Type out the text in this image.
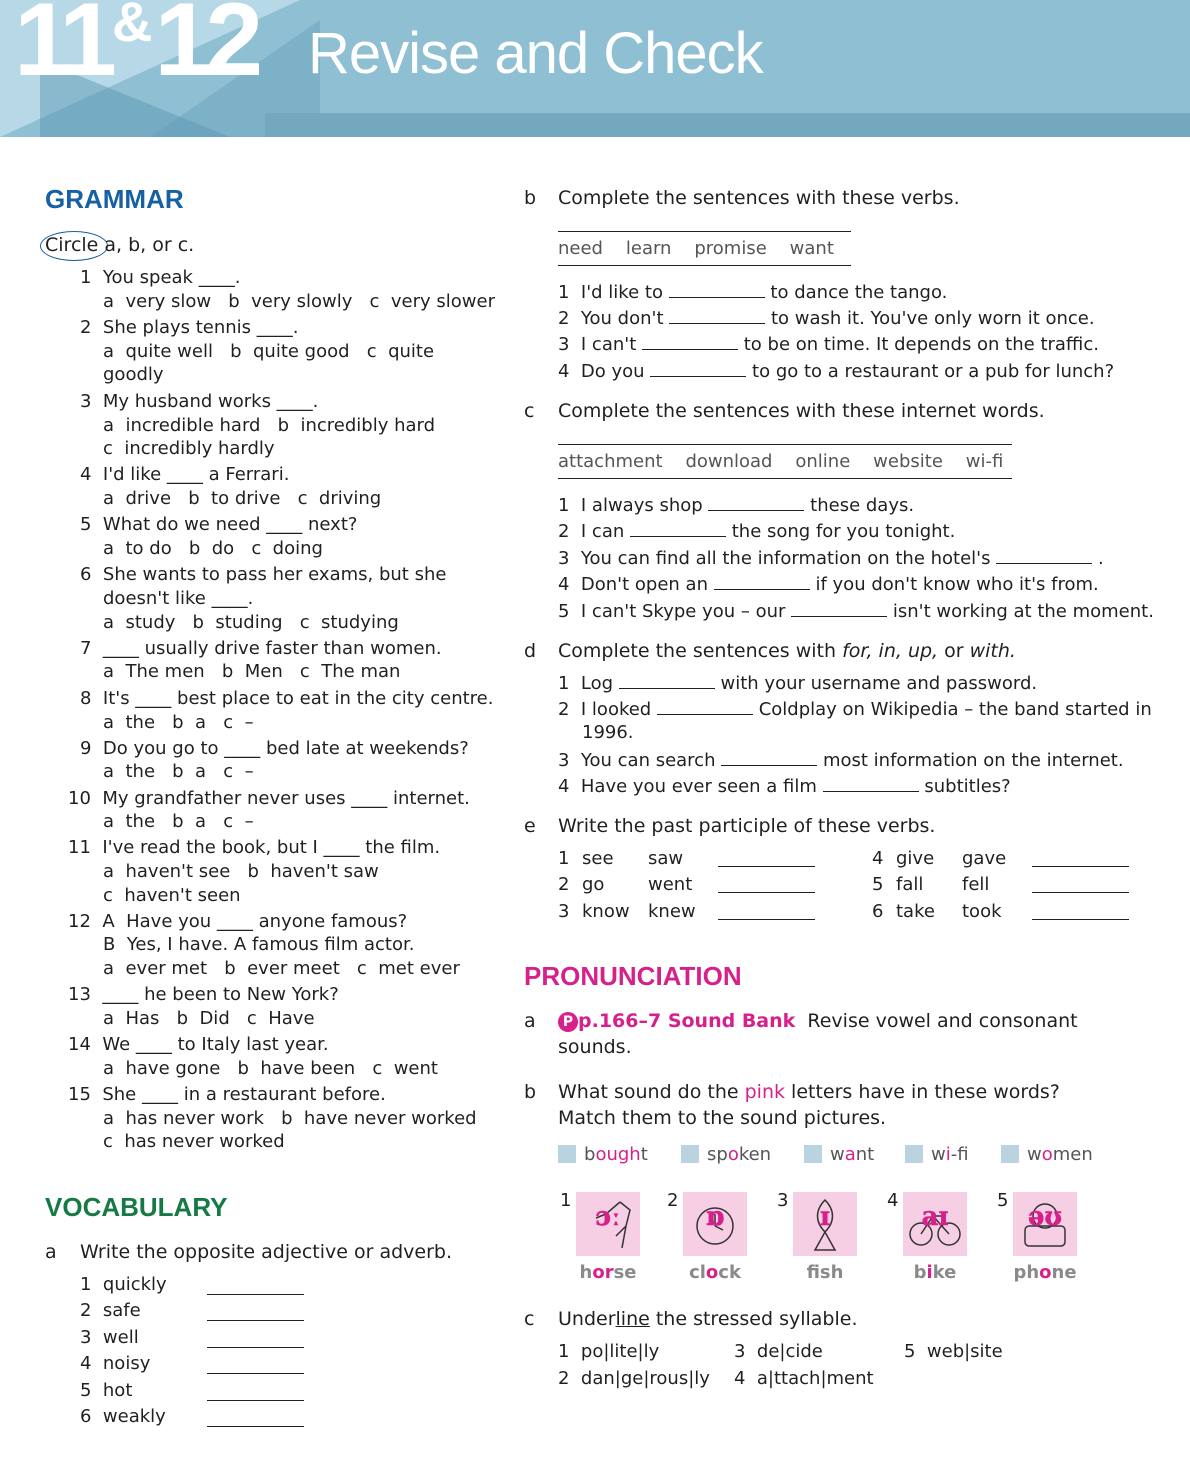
11&12 Revise and Check
GRAMMAR
Circle a, b, or c.
1  You speak ____.
a  very slow   b  very slowly   c  very slower
2  She plays tennis ____.
a  quite well   b  quite good   c  quite
goodly
3  My husband works ____.
a  incredible hard   b  incredibly hard
c  incredibly hardly
4  I'd like ____ a Ferrari.
a  drive   b  to drive   c  driving
5  What do we need ____ next?
a  to do   b  do   c  doing
6  She wants to pass her exams, but she
doesn't like ____.
a  study   b  studing   c  studying
7  ____ usually drive faster than women.
a  The men   b  Men   c  The man
8  It's ____ best place to eat in the city centre.
a  the   b  a   c  –
9  Do you go to ____ bed late at weekends?
a  the   b  a   c  –
10  My grandfather never uses ____ internet.
a  the   b  a   c  –
11  I've read the book, but I ____ the film.
a  haven't see   b  haven't saw
c  haven't seen
12  A  Have you ____ anyone famous?
B  Yes, I have. A famous film actor.
a  ever met   b  ever meet   c  met ever
13  ____ he been to New York?
a  Has   b  Did   c  Have
14  We ____ to Italy last year.
a  have gone   b  have been   c  went
15  She ____ in a restaurant before.
a  has never work   b  have never worked
c  has never worked
VOCABULARY
a Write the opposite adjective or adverb.
1  quickly
2  safe
3  well
4  noisy
5  hot
6  weakly
b Complete the sentences with these verbs.
need    learn    promise    want
1  I'd like to	to dance the tango.
2  You don't	to wash it. You've only worn it once.
3  I can't	to be on time. It depends on the traffic.
4  Do you	to go to a restaurant or a pub for lunch?
c Complete the sentences with these internet words.
attachment    download    online    website    wi-fi
1  I always shop	these days.
2  I can	the song for you tonight.
3  You can find all the information on the hotel's	.
4  Don't open an	if you don't know who it's from.
5  I can't Skype you – our	isn't working at the moment.
d Complete the sentences with for, in, up, or with.
1  Log	with your username and password.
2  I looked	Coldplay on Wikipedia – the band started in
1996.
3  You can search	most information on the internet.
4  Have you ever seen a film	subtitles?
e Write the past participle of these verbs.
1 see saw
2 go went
3 know knew
4 give gave
5 fall fell
6 take took
PRONUNCIATION
a	P p.166–7 Sound Bank Revise vowel and consonant
sounds.
b What sound do the pink letters have in these words?
Match them to the sound pictures.
bought	spoken	want	wi-fi	women
1
ɔː
horse
2
ɒ
clock
3
ɪ
fsh
4
aɪ
bike
5
əʊ
phone
c Underline the stressed syllable.
1  po|lite|ly	3  de|cide	5  web|site
2  dan|ge|rous|ly 4  a|ttach|ment
